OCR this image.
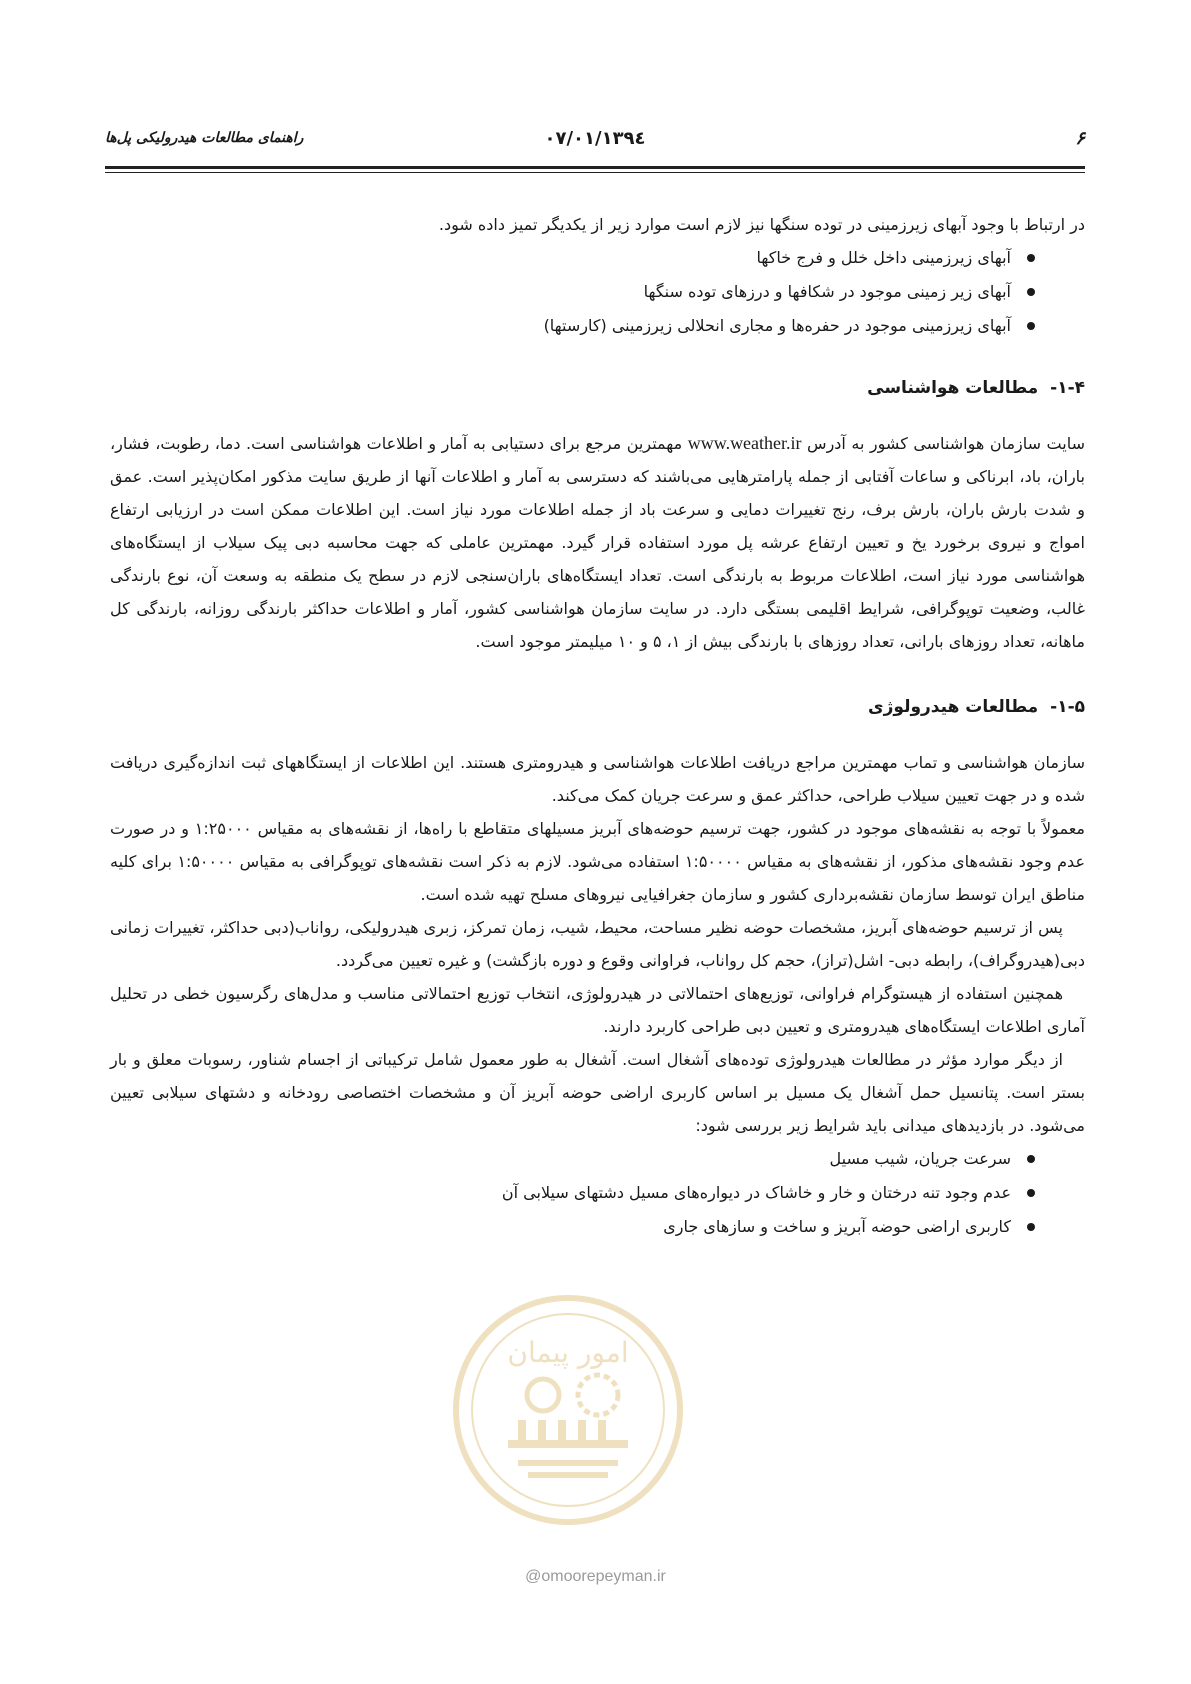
۶
۱۳۹٤/۰۷/۰۱
راهنمای مطالعات هیدرولیکی پل‌ها

در ارتباط با وجود آبهای زیرزمینی در توده سنگها نیز لازم است موارد زیر از یکدیگر تمیز داده شود.

آبهای زیرزمینی داخل خلل و فرج خاکها
آبهای زیر زمینی موجود در شکافها و درزهای توده سنگها
آبهای زیرزمینی موجود در حفره‌ها و مجاری انحلالی زیرزمینی (کارستها)
۱-۴- مطالعات هواشناسی

سایت سازمان هواشناسی کشور به آدرس www.weather.ir مهمترین مرجع برای دستیابی به آمار و اطلاعات هواشناسی است. دما، رطوبت، فشار، باران، باد، ابرناکی و ساعات آفتابی از جمله پارامترهایی می‌باشند که دسترسی به آمار و اطلاعات آنها از طریق سایت مذکور امکان‌پذیر است. عمق و شدت بارش باران، بارش برف، رنج تغییرات دمایی و سرعت باد از جمله اطلاعات مورد نیاز است. این اطلاعات ممکن است در ارزیابی ارتفاع امواج و نیروی برخورد یخ و تعیین ارتفاع عرشه پل مورد استفاده قرار گیرد. مهمترین عاملی که جهت محاسبه دبی پیک سیلاب از ایستگاه‌های هواشناسی مورد نیاز است، اطلاعات مربوط به بارندگی است. تعداد ایستگاه‌های باران‌سنجی لازم در سطح یک منطقه به وسعت آن، نوع بارندگی غالب، وضعیت توپوگرافی، شرایط اقلیمی بستگی دارد. در سایت سازمان هواشناسی کشور، آمار و اطلاعات حداکثر بارندگی روزانه، بارندگی کل ماهانه، تعداد روزهای بارانی، تعداد روزهای با بارندگی بیش از ۱، ۵ و ۱۰ میلیمتر موجود است.

۱-۵- مطالعات هیدرولوژی

سازمان هواشناسی و تماب مهمترین مراجع دریافت اطلاعات هواشناسی و هیدرومتری هستند. این اطلاعات از ایستگاههای ثبت اندازه‌گیری دریافت شده و در جهت تعیین سیلاب طراحی، حداکثر عمق و سرعت جریان کمک می‌کند.

معمولاً با توجه به نقشه‌های موجود در کشور، جهت ترسیم حوضه‌های آبریز مسیلهای متقاطع با راه‌ها، از نقشه‌های به مقیاس ۱:۲۵۰۰۰ و در صورت عدم وجود نقشه‌های مذکور، از نقشه‌های به مقیاس ۱:۵۰۰۰۰ استفاده می‌شود. لازم به ذکر است نقشه‌های توپوگرافی به مقیاس ۱:۵۰۰۰۰ برای کلیه مناطق ایران توسط سازمان نقشه‌برداری کشور و سازمان جغرافیایی نیروهای مسلح تهیه شده است.

پس از ترسیم حوضه‌های آبریز، مشخصات حوضه نظیر مساحت، محیط، شیب، زمان تمرکز، زبری هیدرولیکی، رواناب(دبی حداکثر، تغییرات زمانی دبی(هیدروگراف)، رابطه دبی- اشل(تراز)، حجم کل رواناب، فراوانی وقوع و دوره بازگشت) و غیره تعیین می‌گردد.

همچنین استفاده از هیستوگرام فراوانی، توزیع‌های احتمالاتی در هیدرولوژی، انتخاب توزیع احتمالاتی مناسب و مدل‌های رگرسیون خطی در تحلیل آماری اطلاعات ایستگاه‌های هیدرومتری و تعیین دبی طراحی کاربرد دارند.

از دیگر موارد مؤثر در مطالعات هیدرولوژی توده‌های آشغال است. آشغال به طور معمول شامل ترکیباتی از اجسام شناور، رسوبات معلق و بار بستر است. پتانسیل حمل آشغال یک مسیل بر اساس کاربری اراضی حوضه آبریز آن و مشخصات اختصاصی رودخانه و دشتهای سیلابی تعیین می‌شود. در بازدیدهای میدانی باید شرایط زیر بررسی شود:

سرعت جریان، شیب مسیل
عدم وجود تنه درختان و خار و خاشاک در دیواره‌های مسیل دشتهای سیلابی آن
کاربری اراضی حوضه آبریز و ساخت و سازهای جاری
امور پیمان
@omoorepeyman.ir
